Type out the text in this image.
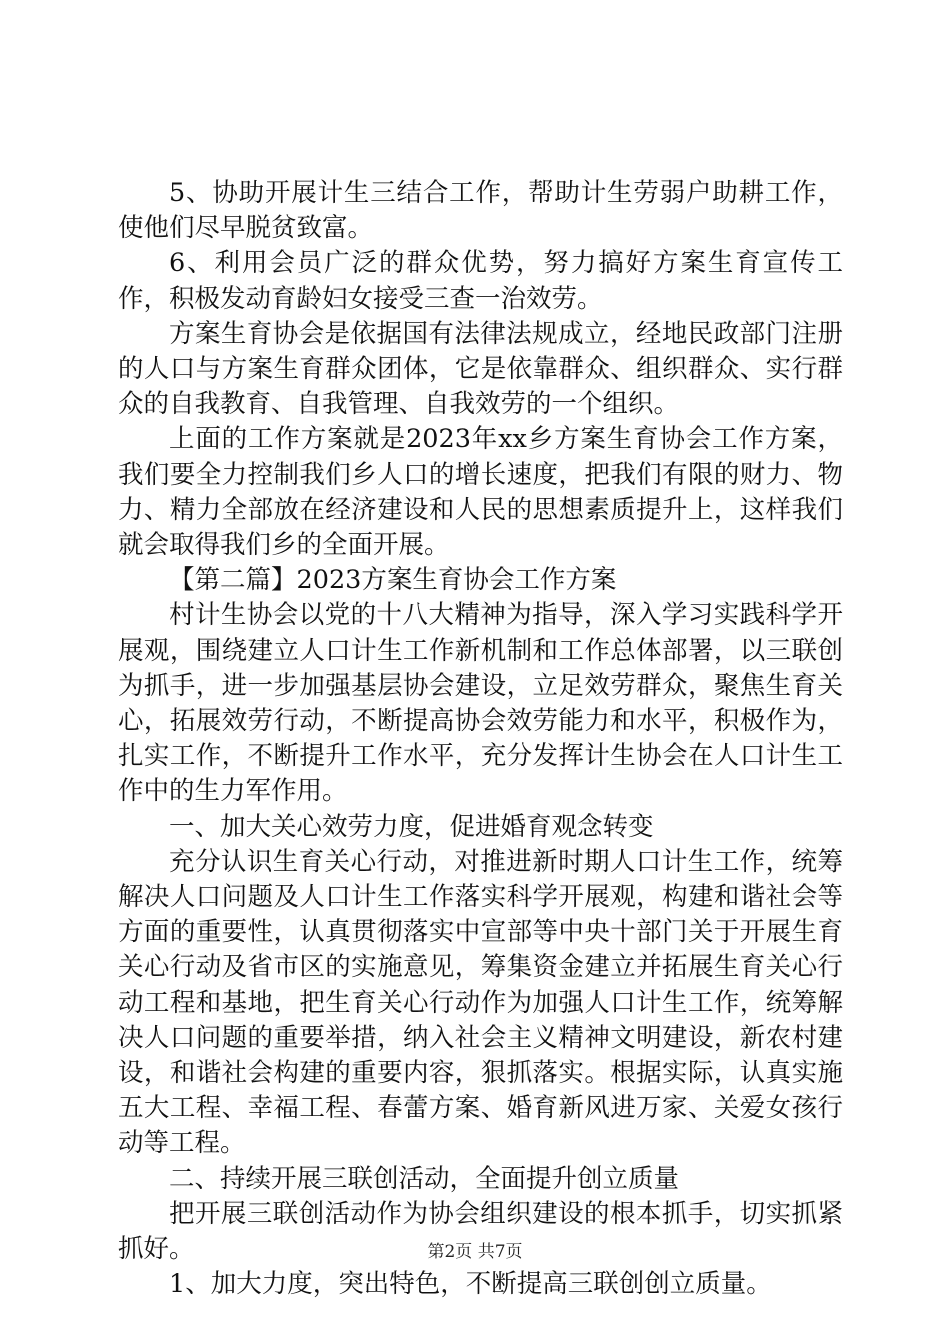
5、协助开展计生三结合工作，帮助计生劳弱户助耕工作，使他们尽早脱贫致富。

6、利用会员广泛的群众优势，努力搞好方案生育宣传工作，积极发动育龄妇女接受三查一治效劳。

方案生育协会是依据国有法律法规成立，经地民政部门注册的人口与方案生育群众团体，它是依靠群众、组织群众、实行群众的自我教育、自我管理、自我效劳的一个组织。

上面的工作方案就是2023年xx乡方案生育协会工作方案，我们要全力控制我们乡人口的增长速度，把我们有限的财力、物力、精力全部放在经济建设和人民的思想素质提升上，这样我们就会取得我们乡的全面开展。

【第二篇】2023方案生育协会工作方案

村计生协会以党的十八大精神为指导，深入学习实践科学开展观，围绕建立人口计生工作新机制和工作总体部署，以三联创为抓手，进一步加强基层协会建设，立足效劳群众，聚焦生育关心，拓展效劳行动，不断提高协会效劳能力和水平，积极作为，扎实工作，不断提升工作水平，充分发挥计生协会在人口计生工作中的生力军作用。

一、加大关心效劳力度，促进婚育观念转变

充分认识生育关心行动，对推进新时期人口计生工作，统筹解决人口问题及人口计生工作落实科学开展观，构建和谐社会等方面的重要性，认真贯彻落实中宣部等中央十部门关于开展生育关心行动及省市区的实施意见，筹集资金建立并拓展生育关心行动工程和基地，把生育关心行动作为加强人口计生工作，统筹解决人口问题的重要举措，纳入社会主义精神文明建设，新农村建设，和谐社会构建的重要内容，狠抓落实。根据实际，认真实施五大工程、幸福工程、春蕾方案、婚育新风进万家、关爱女孩行动等工程。

二、持续开展三联创活动，全面提升创立质量

把开展三联创活动作为协会组织建设的根本抓手，切实抓紧抓好。

1、加大力度，突出特色，不断提高三联创创立质量。

第2页 共7页
